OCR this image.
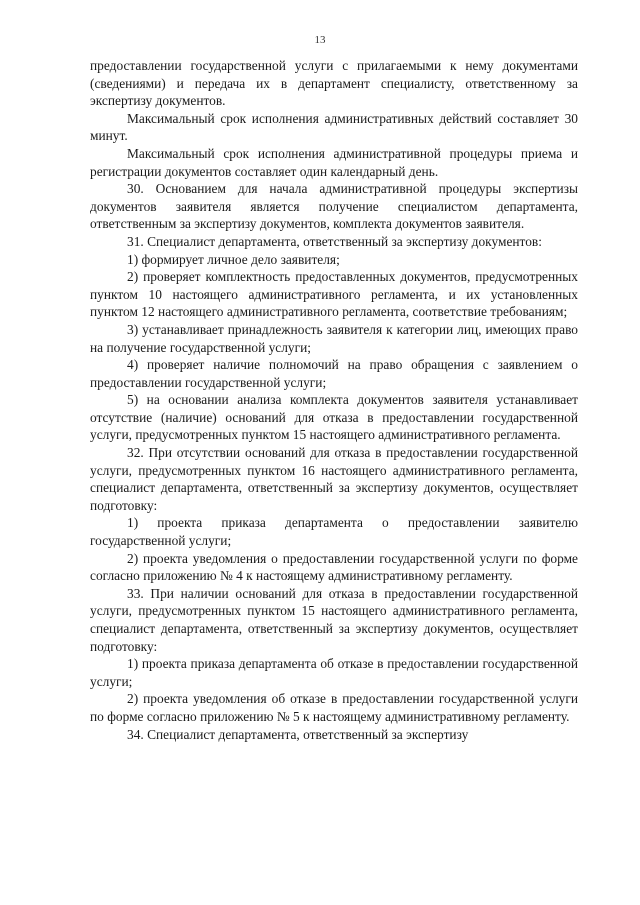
13

предоставлении государственной услуги с прилагаемыми к нему документами (сведениями) и передача их в департамент специалисту, ответственному за экспертизу документов.

Максимальный срок исполнения административных действий составляет 30 минут.

Максимальный срок исполнения административной процедуры приема и регистрации документов составляет один календарный день.

30. Основанием для начала административной процедуры экспертизы документов заявителя является получение специалистом департамента, ответственным за экспертизу документов, комплекта документов заявителя.

31. Специалист департамента, ответственный за экспертизу документов:

1) формирует личное дело заявителя;

2) проверяет комплектность предоставленных документов, предусмотренных пунктом 10 настоящего административного регламента, и их установленных пунктом 12 настоящего административного регламента, соответствие требованиям;

3) устанавливает принадлежность заявителя к категории лиц, имеющих право на получение государственной услуги;

4) проверяет наличие полномочий на право обращения с заявлением о предоставлении государственной услуги;

5) на основании анализа комплекта документов заявителя устанавливает отсутствие (наличие) оснований для отказа в предоставлении государственной услуги, предусмотренных пунктом 15 настоящего административного регламента.

32. При отсутствии оснований для отказа в предоставлении государственной услуги, предусмотренных пунктом 16 настоящего административного регламента, специалист департамента, ответственный за экспертизу документов, осуществляет подготовку:

1) проекта приказа департамента о предоставлении заявителю государственной услуги;

2) проекта уведомления о предоставлении государственной услуги по форме согласно приложению № 4 к настоящему административному регламенту.

33. При наличии оснований для отказа в предоставлении государственной услуги, предусмотренных пунктом 15 настоящего административного регламента, специалист департамента, ответственный за экспертизу документов, осуществляет подготовку:

1) проекта приказа департамента об отказе в предоставлении государственной услуги;

2) проекта уведомления об отказе в предоставлении государственной услуги по форме согласно приложению № 5 к настоящему административному регламенту.

34. Специалист департамента, ответственный за экспертизу
